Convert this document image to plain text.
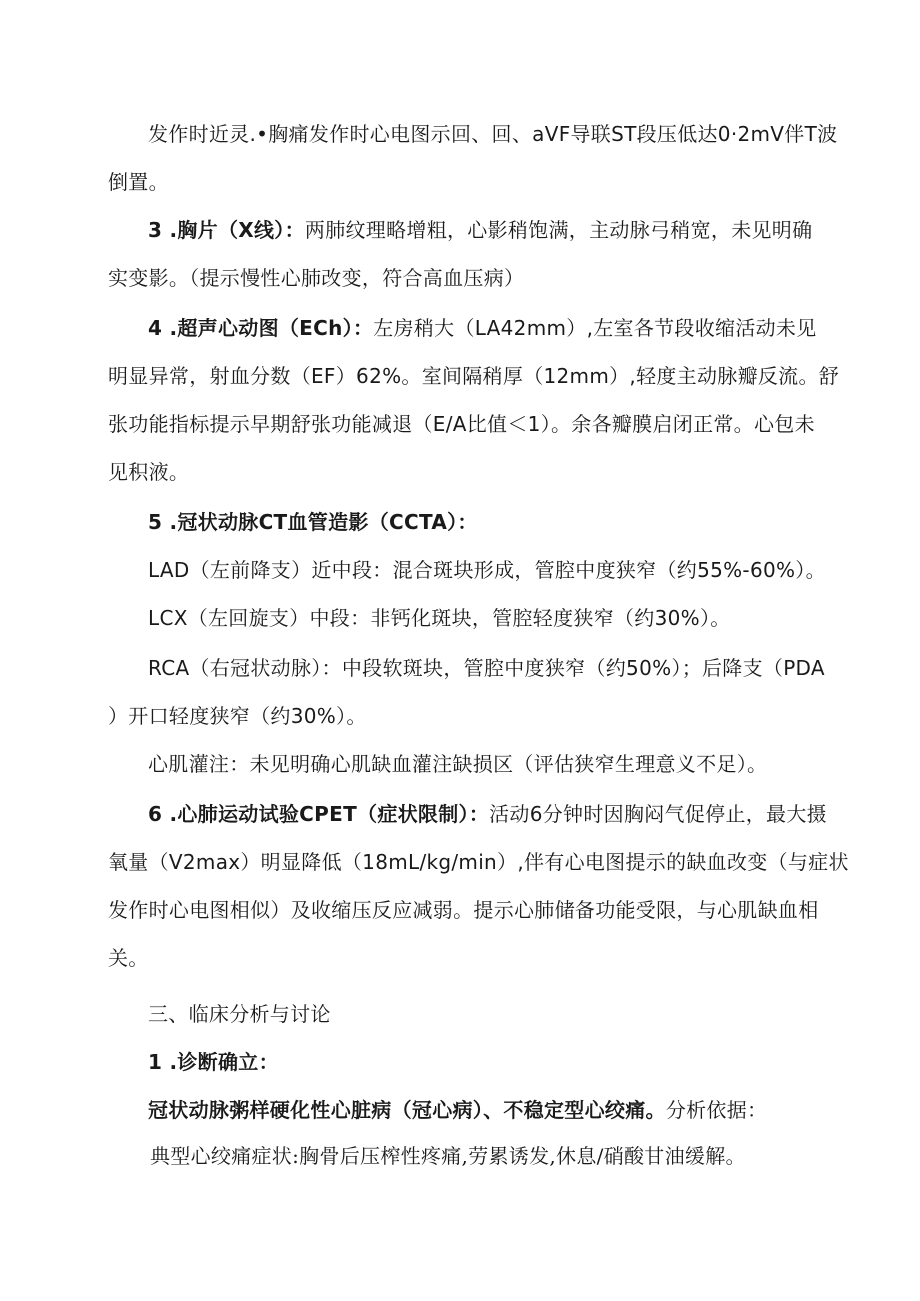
发作时近灵.•胸痛发作时心电图示回、回、aVF导联ST段压低达0·2mV伴T波
倒置。
3 .胸片（X线）：两肺纹理略增粗，心影稍饱满，主动脉弓稍宽，未见明确
实变影。（提示慢性心肺改变，符合高血压病）
4 .超声心动图（ECh）：左房稍大（LA42mm）,左室各节段收缩活动未见
明显异常，射血分数（EF）62%。室间隔稍厚（12mm）,轻度主动脉瓣反流。舒
张功能指标提示早期舒张功能减退（E/A比值＜1）。余各瓣膜启闭正常。心包未
见积液。
5 .冠状动脉CT血管造影（CCTA）：
LAD（左前降支）近中段：混合斑块形成，管腔中度狭窄（约55%-60%）。
LCX（左回旋支）中段：非钙化斑块，管腔轻度狭窄（约30%）。
RCA（右冠状动脉）：中段软斑块，管腔中度狭窄（约50%）；后降支（PDA
）开口轻度狭窄（约30%）。
心肌灌注：未见明确心肌缺血灌注缺损区（评估狭窄生理意义不足）。
6 .心肺运动试验CPET（症状限制）：活动6分钟时因胸闷气促停止，最大摄
氧量（V2max）明显降低（18mL/kg/min）,伴有心电图提示的缺血改变（与症状
发作时心电图相似）及收缩压反应减弱。提示心肺储备功能受限，与心肌缺血相
关。
三、临床分析与讨论
1 .诊断确立：
冠状动脉粥样硬化性心脏病（冠心病）、不稳定型心绞痛。分析依据：
典型心绞痛症状:胸骨后压榨性疼痛,劳累诱发,休息/硝酸甘油缓解。
